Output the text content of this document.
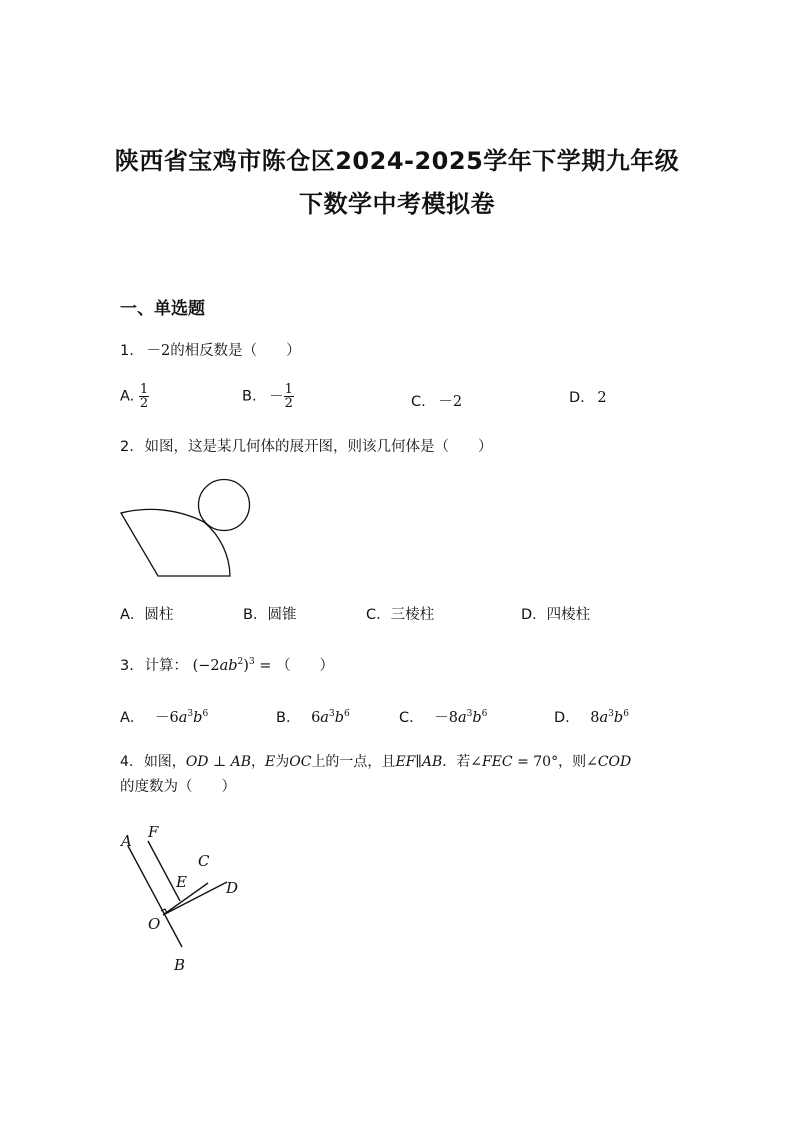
陕西省宝鸡市陈仓区2024-2025学年下学期九年级
下数学中考模拟卷
一、单选题
1. －2的相反数是（　　）
A. $\frac{1}{2}$	B. － $\frac{1}{2}$	C. －2	D. 2
2. 如图，这是某几何体的展开图，则该几何体是（　　）
A．圆柱	B．圆锥	C．三棱柱	D．四棱柱
3. 计算： $(-2ab^2)^3$ = （　　）
A． $-6a^3b^6$	B． $6a^3b^6$	C． $-8a^3b^6$	D． $8a^3b^6$
4. 如图，OD ⊥ AB，E为OC上的一点，且EF∥AB．若∠FEC = 70°，则∠COD
的度数为（　　）
A F
C
E	D
O
B
